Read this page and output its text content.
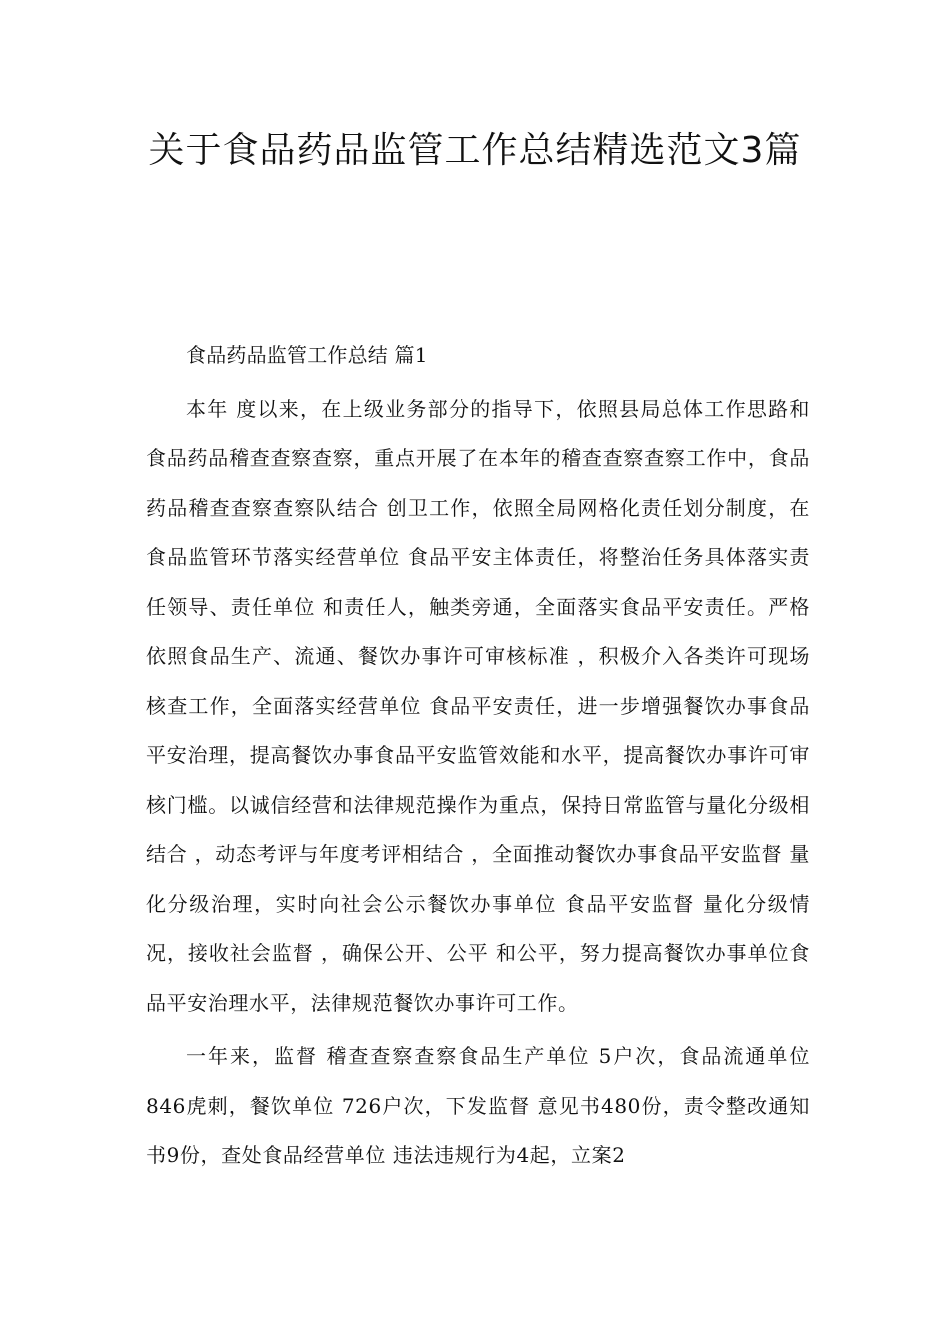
关于食品药品监管工作总结精选范文3篇

食品药品监管工作总结 篇1

本年 度以来，在上级业务部分的指导下，依照县局总体工作思路和食品药品稽查查察查察，重点开展了在本年的稽查查察查察工作中，食品药品稽查查察查察队结合 创卫工作，依照全局网格化责任划分制度，在食品监管环节落实经营单位 食品平安主体责任，将整治任务具体落实责任领导、责任单位 和责任人，触类旁通，全面落实食品平安责任。严格依照食品生产、流通、餐饮办事许可审核标准 ，积极介入各类许可现场核查工作，全面落实经营单位 食品平安责任，进一步增强餐饮办事食品平安治理，提高餐饮办事食品平安监管效能和水平，提高餐饮办事许可审核门槛。以诚信经营和法律规范操作为重点，保持日常监管与量化分级相结合 ，动态考评与年度考评相结合 ，全面推动餐饮办事食品平安监督 量化分级治理，实时向社会公示餐饮办事单位 食品平安监督 量化分级情况，接收社会监督 ，确保公开、公平 和公平，努力提高餐饮办事单位食品平安治理水平，法律规范餐饮办事许可工作。

一年来，监督 稽查查察查察食品生产单位 5户次，食品流通单位 846虎刺，餐饮单位 726户次，下发监督 意见书480份，责令整改通知书9份，查处食品经营单位 违法违规行为4起，立案2
